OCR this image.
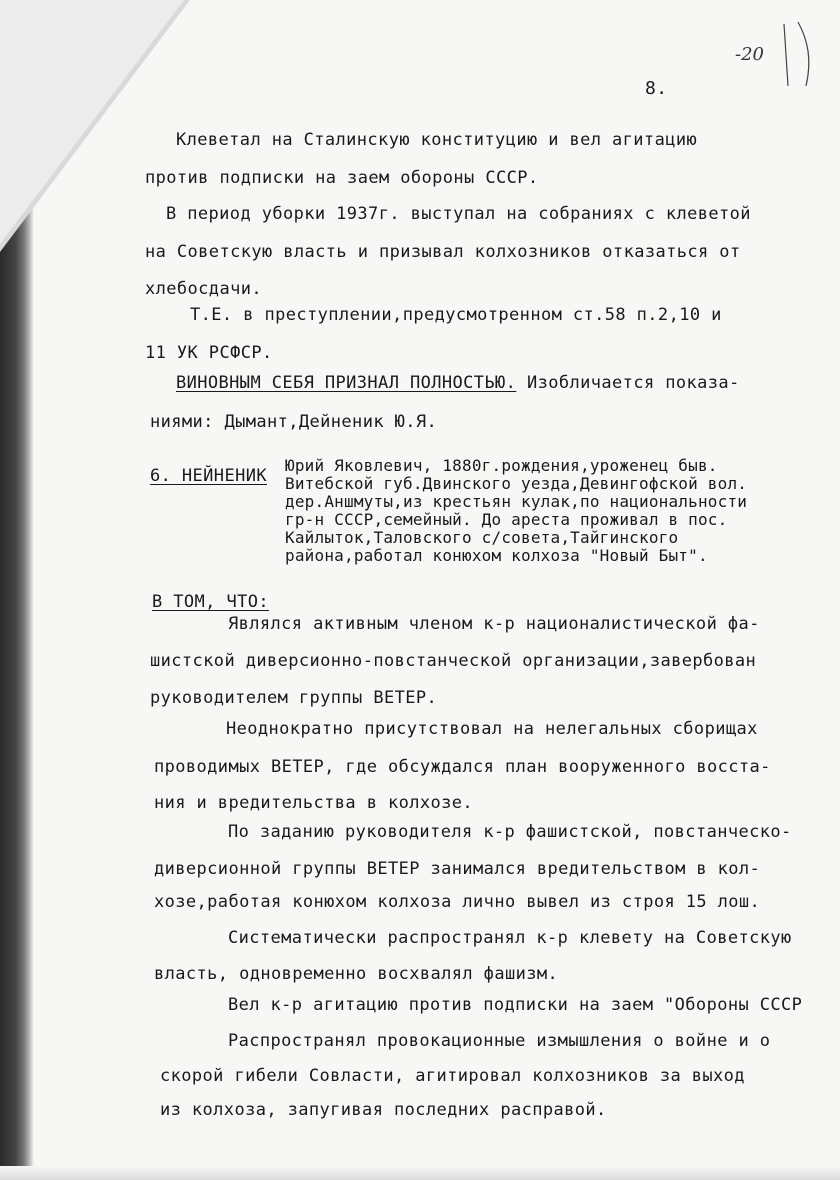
-20
8.
Клеветал на Сталинскую конституцию и вел агитацию
против подписки на заем обороны СССР.
В период уборки 1937г. выступал на собраниях с клеветой
на Советскую власть и призывал колхозников отказаться от
хлебосдачи.
Т.Е. в преступлении,предусмотренном ст.58 п.2,10 и
11 УК РСФСР.
ВИНОВНЫМ СЕБЯ ПРИЗНАЛ ПОЛНОСТЬЮ. Изобличается показа-
ниями: Дымант,Дейненик Ю.Я.
6. НЕЙНЕНИК
Юрий Яковлевич, 1880г.рождения,уроженец быв.
Витебской губ.Двинского уезда,Девингофской вол.
дер.Аншмуты,из крестьян кулак,по национальности
гр-н СССР,семейный. До ареста проживал в пос.
Кайлыток,Таловского с/совета,Тайгинского
района,работал конюхом колхоза "Новый Быт".
В ТОМ, ЧТО:
Являлся активным членом к-р националистической фа-
шистской диверсионно-повстанческой организации,завербован
руководителем группы ВЕТЕР.
Неоднократно присутствовал на нелегальных сборищах
проводимых ВЕТЕР, где обсуждался план вооруженного восста-
ния и вредительства в колхозе.
По заданию руководителя к-р фашистской, повстанческо-
диверсионной группы ВЕТЕР занимался вредительством в кол-
хозе,работая конюхом колхоза лично вывел из строя 15 лош.
Систематически распространял к-р клевету на Советскую
власть, одновременно восхвалял фашизм.
Вел к-р агитацию против подписки на заем "Обороны СССР
Распространял провокационные измышления о войне и о
скорой гибели Совласти, агитировал колхозников за выход
из колхоза, запугивая последних расправой.
